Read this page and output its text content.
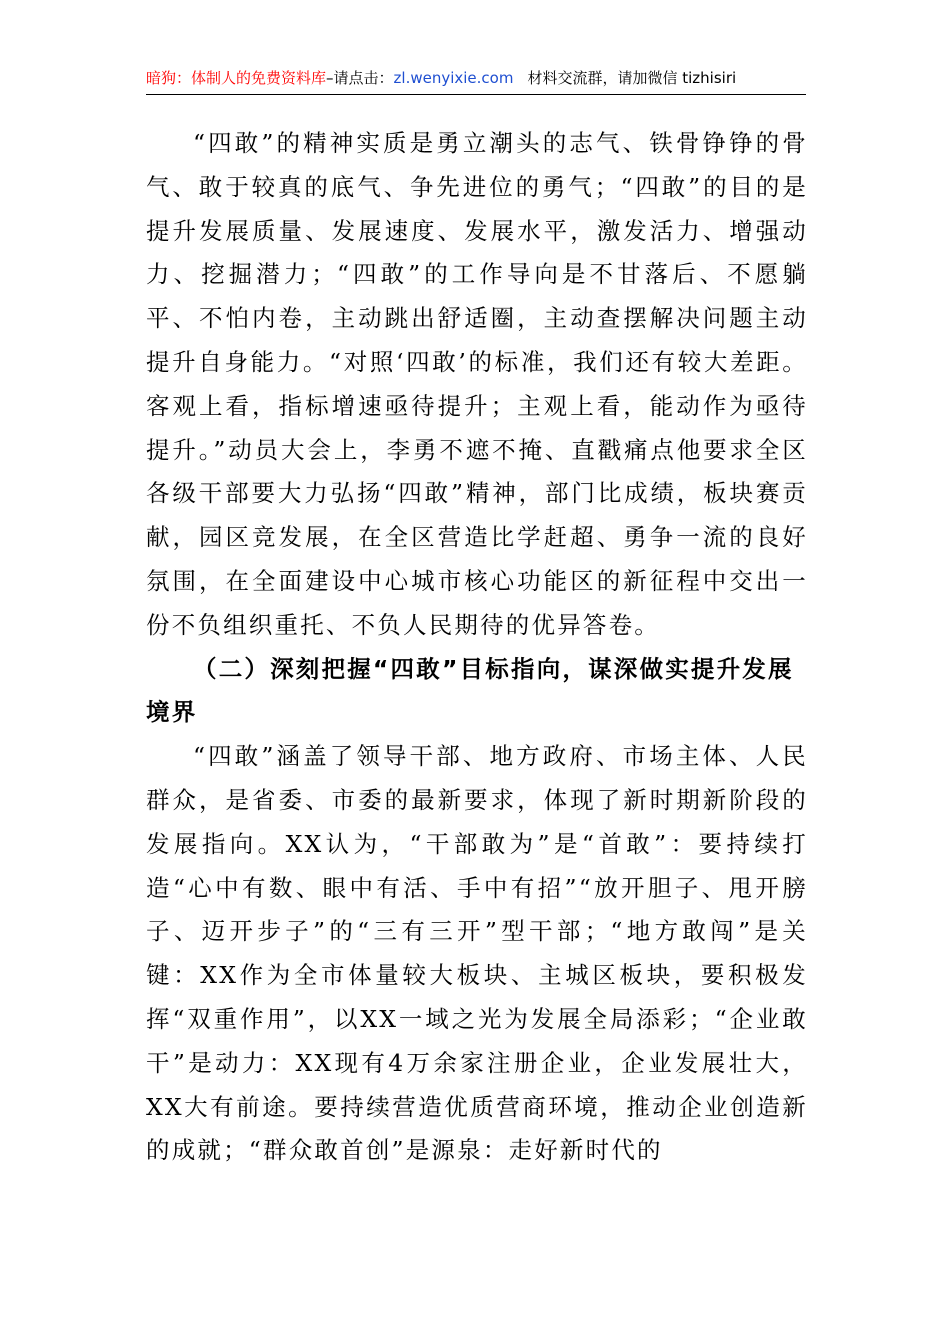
暗狗：体制人的免费资料库–请点击：zl.wenyixie.com 材料交流群，请加微信 tizhisiri

“四敢”的精神实质是勇立潮头的志气、铁骨铮铮的骨气、敢于较真的底气、争先进位的勇气；“四敢”的目的是提升发展质量、发展速度、发展水平，激发活力、增强动力、挖掘潜力；“四敢”的工作导向是不甘落后、不愿躺平、不怕内卷，主动跳出舒适圈，主动查摆解决问题主动提升自身能力。“对照‘四敢’的标准，我们还有较大差距。客观上看，指标增速亟待提升；主观上看，能动作为亟待提升。”动员大会上，李勇不遮不掩、直戳痛点他要求全区各级干部要大力弘扬“四敢”精神，部门比成绩，板块赛贡献，园区竞发展，在全区营造比学赶超、勇争一流的良好氛围，在全面建设中心城市核心功能区的新征程中交出一份不负组织重托、不负人民期待的优异答卷。

（二）深刻把握“四敢”目标指向，谋深做实提升发展境界

“四敢”涵盖了领导干部、地方政府、市场主体、人民群众，是省委、市委的最新要求，体现了新时期新阶段的发展指向。XX认为，“干部敢为”是“首敢”：要持续打造“心中有数、眼中有活、手中有招”“放开胆子、甩开膀子、迈开步子”的“三有三开”型干部；“地方敢闯”是关键：XX作为全市体量较大板块、主城区板块，要积极发挥“双重作用”，以XX一域之光为发展全局添彩；“企业敢干”是动力：XX现有4万余家注册企业，企业发展壮大，XX大有前途。要持续营造优质营商环境，推动企业创造新的成就；“群众敢首创”是源泉：走好新时代的
